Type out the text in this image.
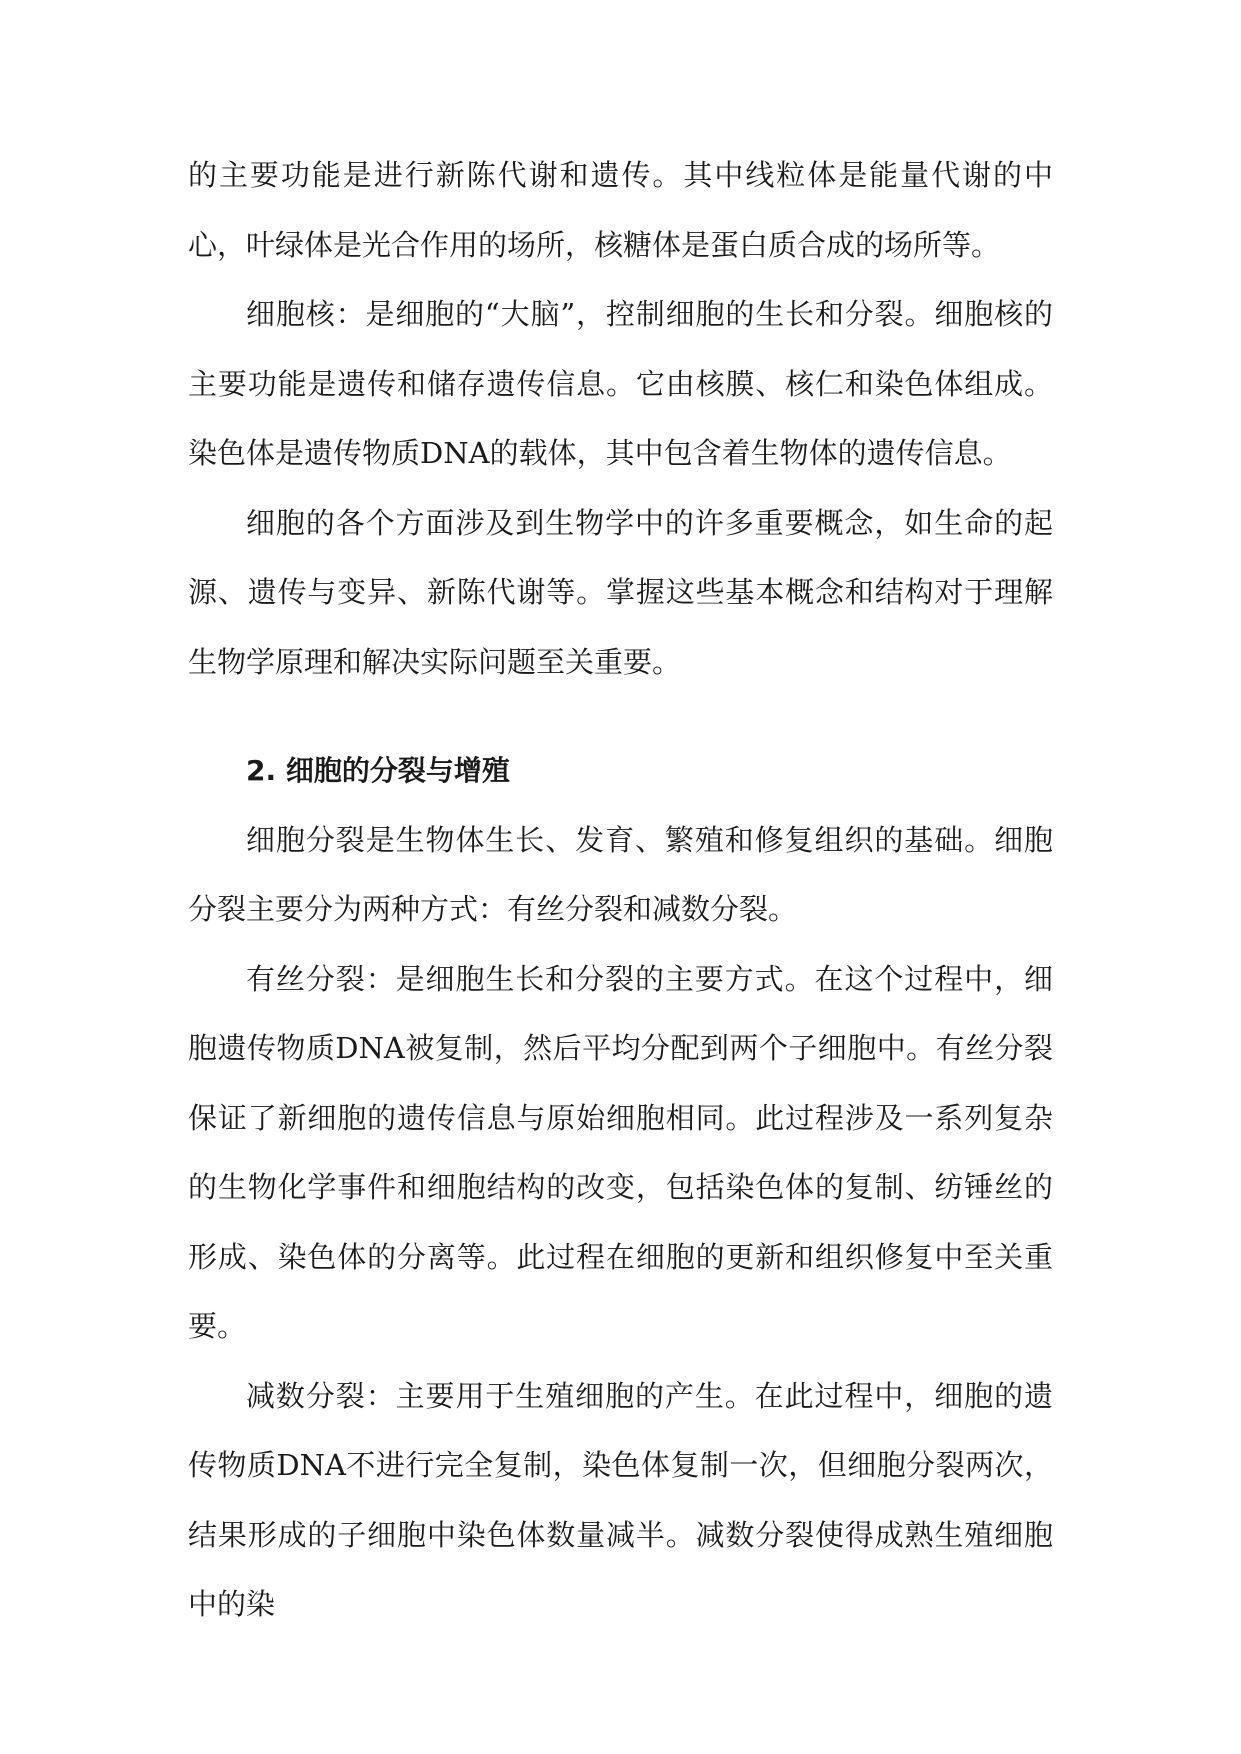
的主要功能是进行新陈代谢和遗传。其中线粒体是能量代谢的中心，叶绿体是光合作用的场所，核糖体是蛋白质合成的场所等。

细胞核：是细胞的“大脑”，控制细胞的生长和分裂。细胞核的主要功能是遗传和储存遗传信息。它由核膜、核仁和染色体组成。染色体是遗传物质DNA的载体，其中包含着生物体的遗传信息。

细胞的各个方面涉及到生物学中的许多重要概念，如生命的起源、遗传与变异、新陈代谢等。掌握这些基本概念和结构对于理解生物学原理和解决实际问题至关重要。

2. 细胞的分裂与增殖

细胞分裂是生物体生长、发育、繁殖和修复组织的基础。细胞分裂主要分为两种方式：有丝分裂和减数分裂。

有丝分裂：是细胞生长和分裂的主要方式。在这个过程中，细胞遗传物质DNA被复制，然后平均分配到两个子细胞中。有丝分裂保证了新细胞的遗传信息与原始细胞相同。此过程涉及一系列复杂的生物化学事件和细胞结构的改变，包括染色体的复制、纺锤丝的形成、染色体的分离等。此过程在细胞的更新和组织修复中至关重要。

减数分裂：主要用于生殖细胞的产生。在此过程中，细胞的遗传物质DNA不进行完全复制，染色体复制一次，但细胞分裂两次，结果形成的子细胞中染色体数量减半。减数分裂使得成熟生殖细胞中的染
